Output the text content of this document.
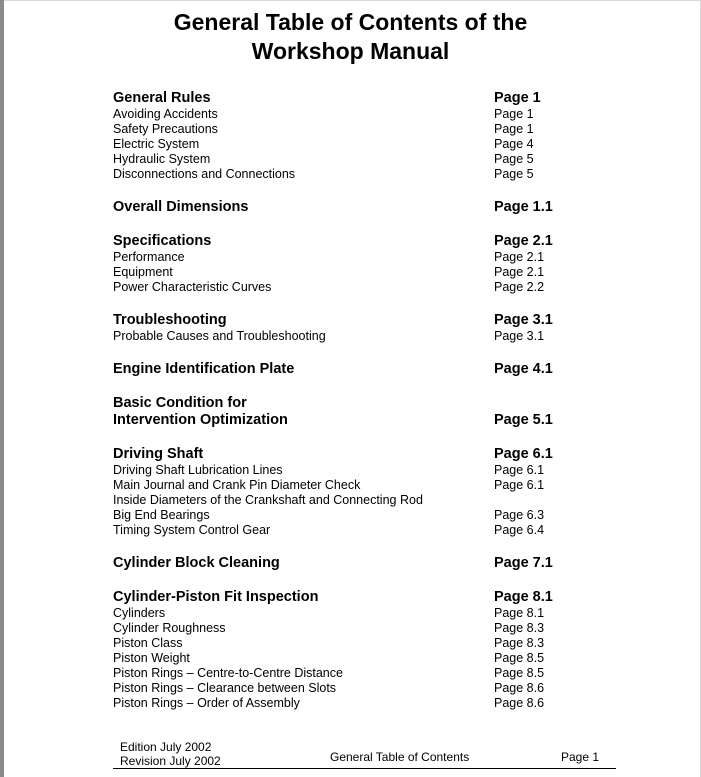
General Table of Contents of the
Workshop Manual
General Rules	Page 1
Avoiding Accidents	Page 1
Safety Precautions	Page 1
Electric System	Page 4
Hydraulic System	Page 5
Disconnections and Connections	Page 5
Overall Dimensions	Page 1.1
Specifications	Page 2.1
Performance	Page 2.1
Equipment	Page 2.1
Power Characteristic Curves	Page 2.2
Troubleshooting	Page 3.1
Probable Causes and Troubleshooting	Page 3.1
Engine Identification Plate	Page 4.1
Basic Condition for
Intervention Optimization	Page 5.1
Driving Shaft	Page 6.1
Driving Shaft Lubrication Lines	Page 6.1
Main Journal and Crank Pin Diameter Check	Page 6.1
Inside Diameters of the Crankshaft and Connecting Rod
Big End Bearings	Page 6.3
Timing System Control Gear	Page 6.4
Cylinder Block Cleaning	Page 7.1
Cylinder-Piston Fit Inspection	Page 8.1
Cylinders	Page 8.1
Cylinder Roughness	Page 8.3
Piston Class	Page 8.3
Piston Weight	Page 8.5
Piston Rings – Centre-to-Centre Distance	Page 8.5
Piston Rings – Clearance between Slots	Page 8.6
Piston Rings – Order of Assembly	Page 8.6
Edition July 2002
Revision July 2002	General Table of Contents	Page 1
